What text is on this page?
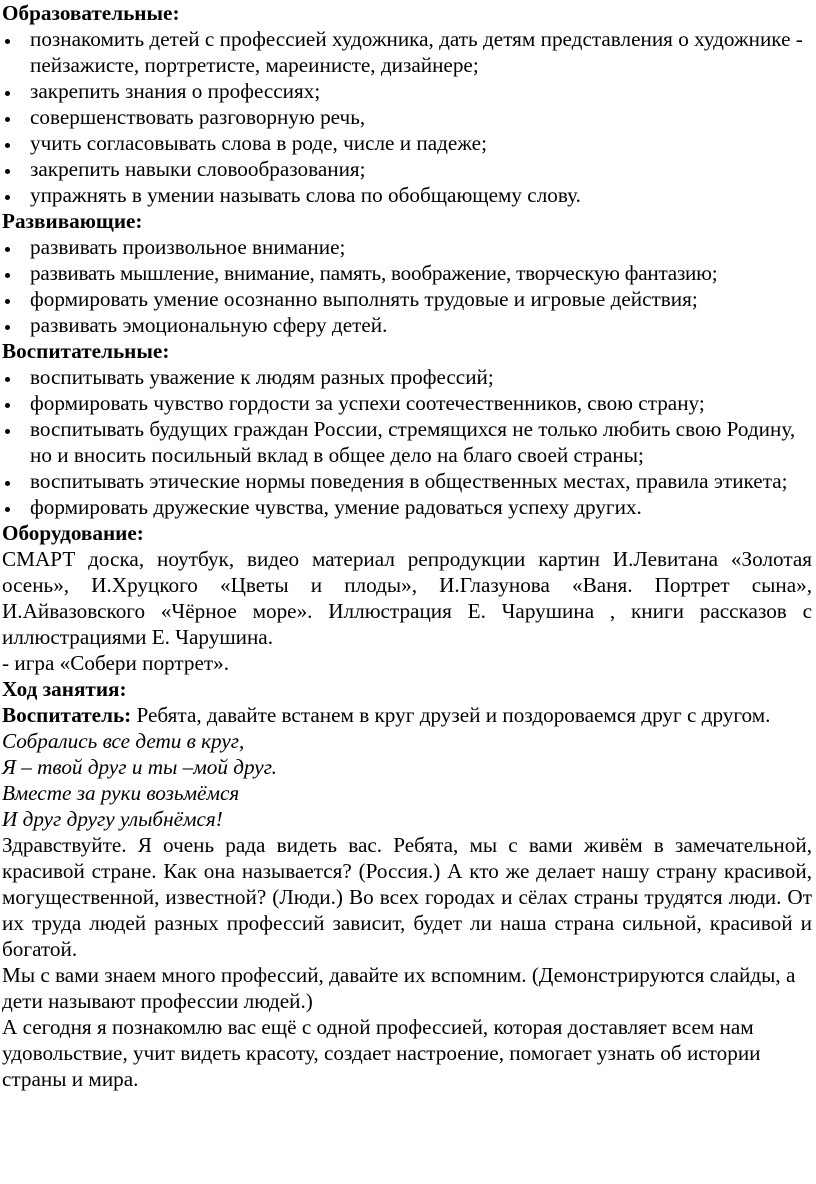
Образовательные:

познакомить детей с профессией художника, дать детям представления о художнике - пейзажисте, портретисте, марeинисте, дизайнере;
закрепить знания о профессиях;
совершенствовать разговорную речь,
учить согласовывать слова в роде, числе и падеже;
закрепить навыки словообразования;
упражнять в умении называть слова по обобщающему слову.

Развивающие:

развивать произвольное внимание;
развивать мышление, внимание, память, воображение, творческую фантазию;
формировать умение осознанно выполнять трудовые и игровые действия;
развивать эмоциональную сферу детей.

Воспитательные:

воспитывать уважение к людям разных профессий;
формировать чувство гордости за успехи соотечественников, свою страну;
воспитывать будущих граждан России, стремящихся не только любить свою Родину, но и вносить посильный вклад в общее дело на благо своей страны;
воспитывать этические нормы поведения в общественных местах, правила этикета;
формировать дружеские чувства, умение радоваться успеху других.

Оборудование:

СМАРТ доска, ноутбук, видео материал репродукции картин И.Левитана «Золотая осень», И.Хруцкого «Цветы и плоды», И.Глазунова «Ваня. Портрет сына», И.Айвазовского «Чёрное море». Иллюстрация Е. Чарушина , книги рассказов с иллюстрациями Е. Чарушина.

- игра «Собери портрет».

Ход занятия:

Воспитатель: Ребята, давайте встанем в круг друзей и поздороваемся друг с другом.

Собрались все дети в круг,

Я – твой друг и ты –мой друг.

Вместе за руки возьмёмся

И друг другу улыбнёмся!

Здравствуйте. Я очень рада видеть вас. Ребята, мы с вами живём в замечательной, красивой стране. Как она называется? (Россия.) А кто же делает нашу страну красивой, могущественной, известной? (Люди.) Во всех городах и сёлах страны трудятся люди. От их труда людей разных профессий зависит, будет ли наша страна сильной, красивой и богатой.

Мы с вами знаем много профессий, давайте их вспомним. (Демонстрируются слайды, а дети называют профессии людей.)

А сегодня я познакомлю вас ещё с одной профессией, которая доставляет всем нам удовольствие, учит видеть красоту, создает настроение, помогает узнать об истории страны и мира.
